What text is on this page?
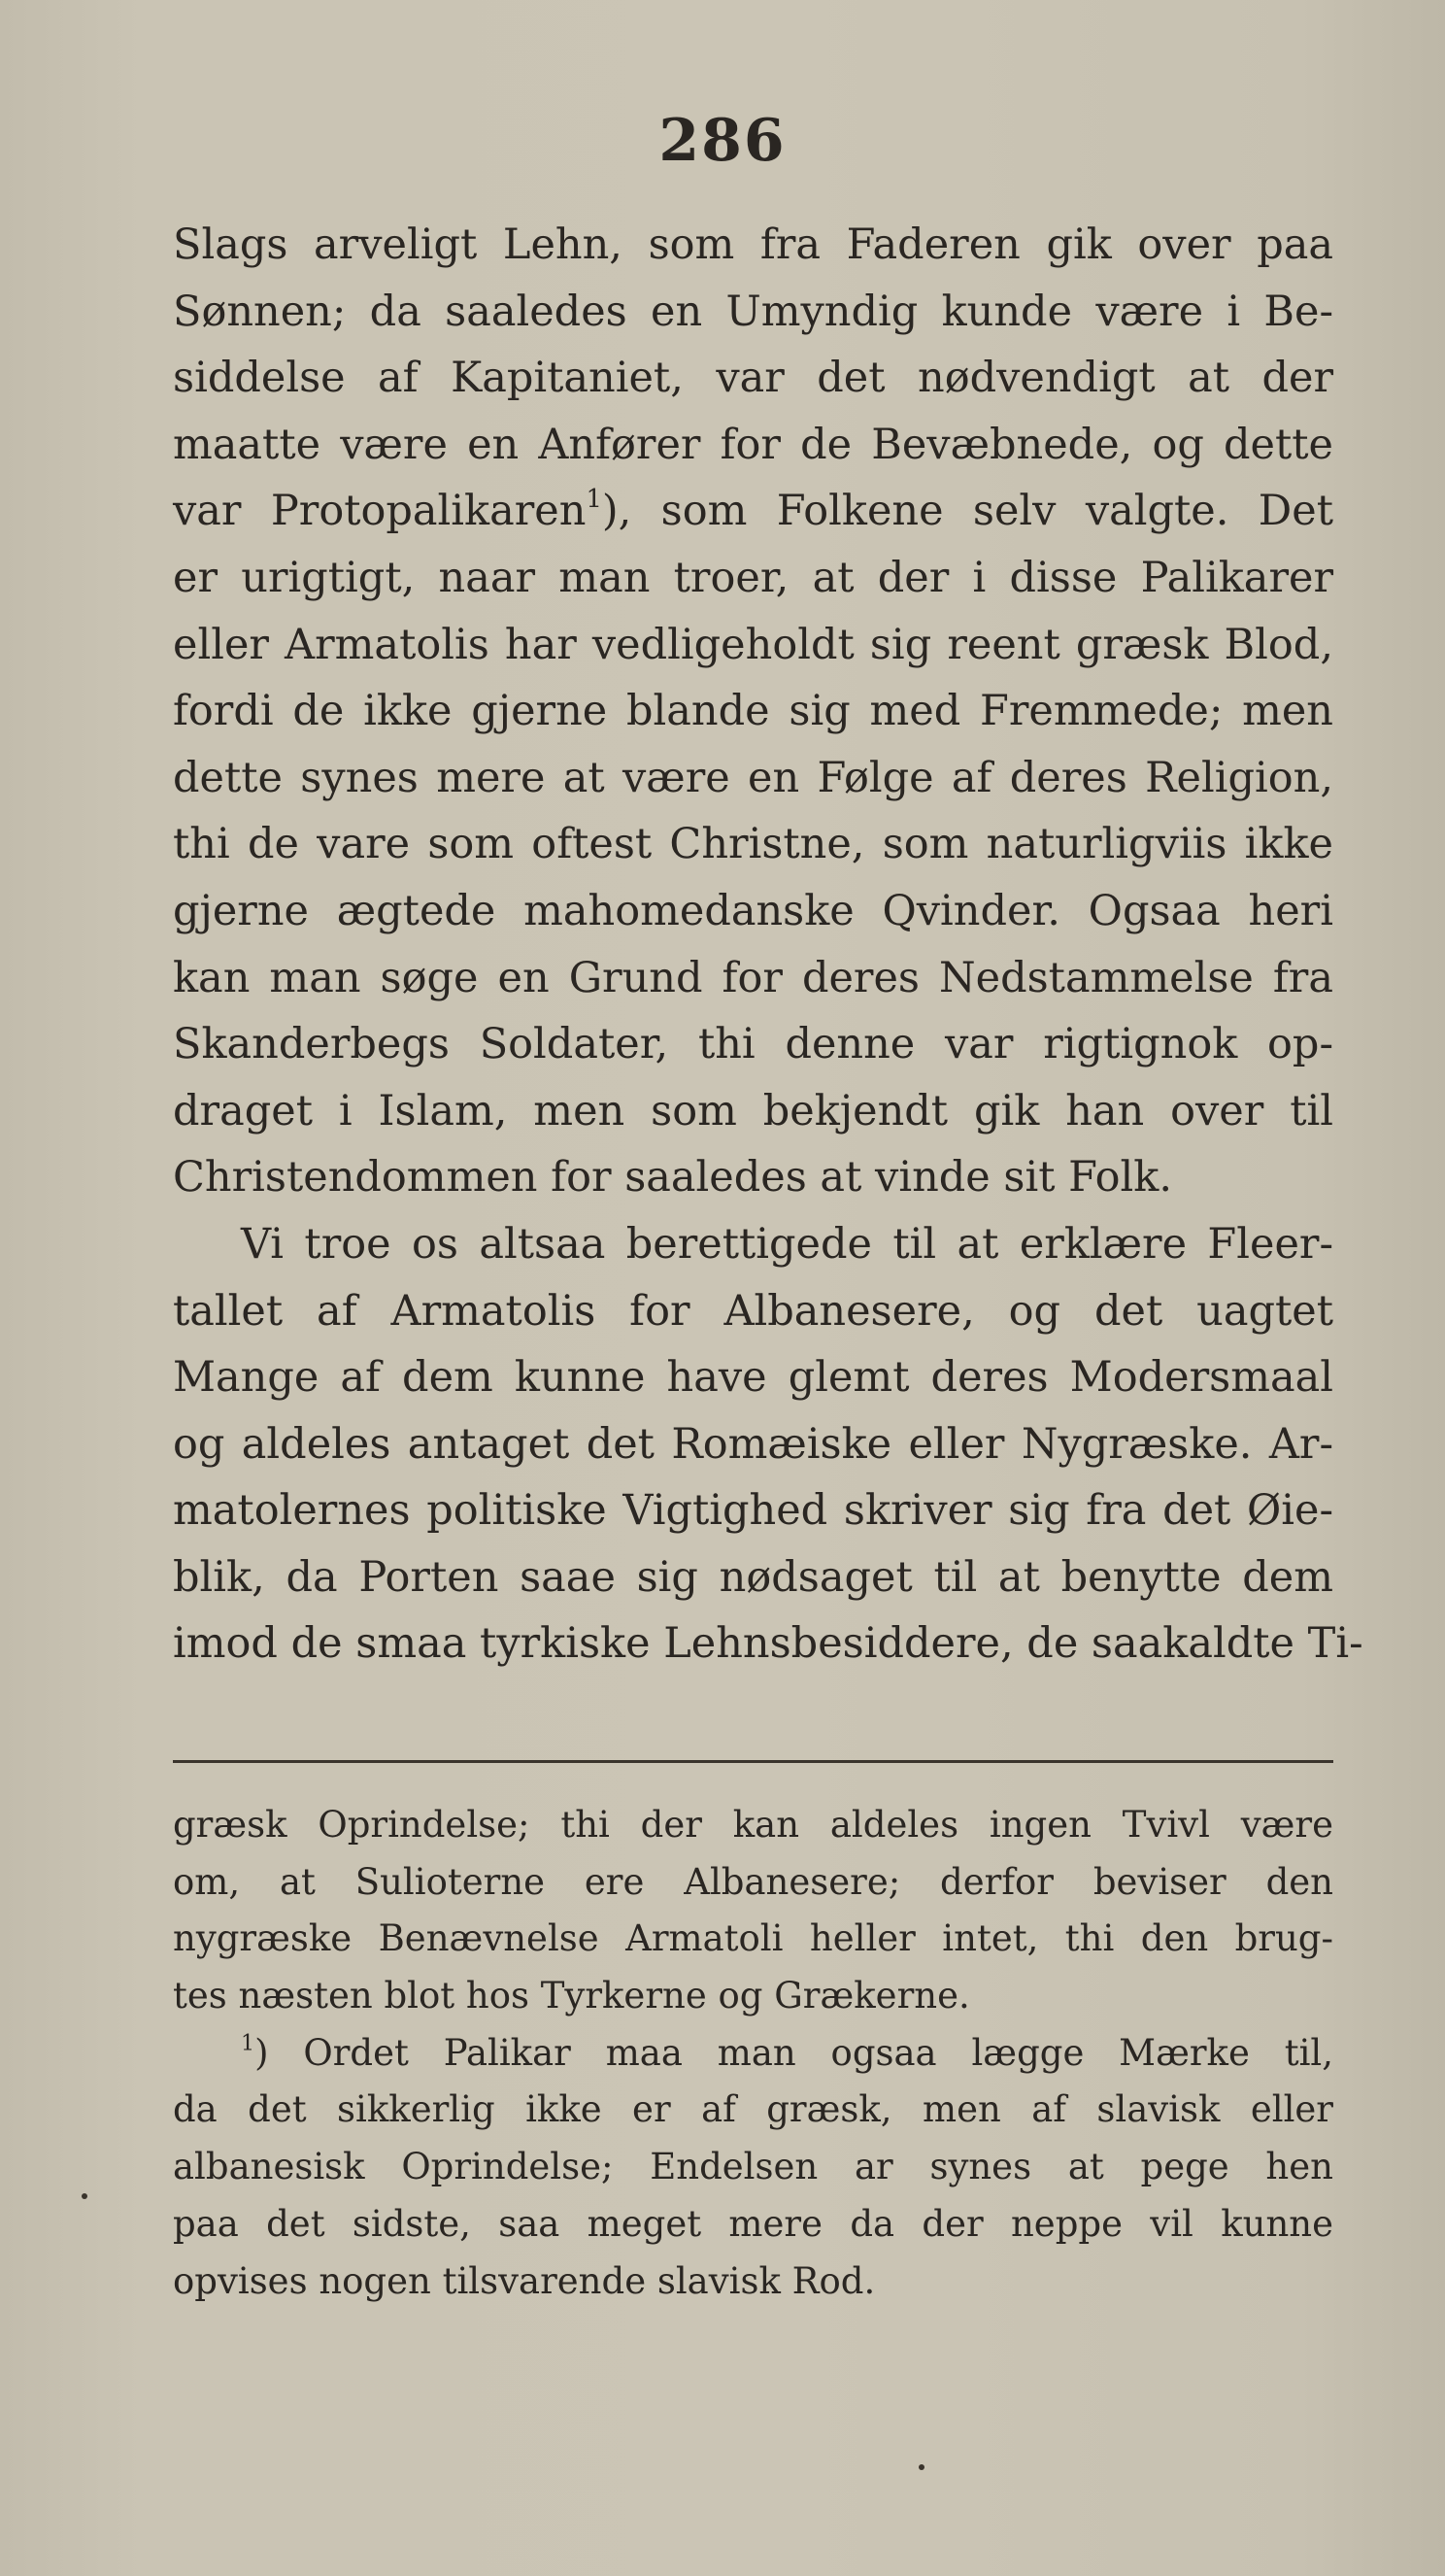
286
Slags arveligt Lehn, som fra Faderen gik over paa
Sønnen; da saaledes en Umyndig kunde være i Be-
siddelse af Kapitaniet, var det nødvendigt at der
maatte være en Anfører for de Bevæbnede, og dette
var Protopalikaren$^1$), som Folkene selv valgte. Det
er urigtigt, naar man troer, at der i disse Palikarer
eller Armatolis har vedligeholdt sig reent græsk Blod,
fordi de ikke gjerne blande sig med Fremmede; men
dette synes mere at være en Følge af deres Religion,
thi de vare som oftest Christne, som naturligviis ikke
gjerne ægtede mahomedanske Qvinder. Ogsaa heri
kan man søge en Grund for deres Nedstammelse fra
Skanderbegs Soldater, thi denne var rigtignok op-
draget i Islam, men som bekjendt gik han over til
Christendommen for saaledes at vinde sit Folk.
Vi troe os altsaa berettigede til at erklære Fleer-
tallet af Armatolis for Albanesere, og det uagtet
Mange af dem kunne have glemt deres Modersmaal
og aldeles antaget det Romæiske eller Nygræske. Ar-
matolernes politiske Vigtighed skriver sig fra det Øie-
blik, da Porten saae sig nødsaget til at benytte dem
imod de smaa tyrkiske Lehnsbesiddere, de saakaldte Ti-
græsk Oprindelse; thi der kan aldeles ingen Tvivl være
om, at Sulioterne ere Albanesere; derfor beviser den
nygræske Benævnelse Armatoli heller intet, thi den brug-
tes næsten blot hos Tyrkerne og Grækerne.
$^1$) Ordet Palikar maa man ogsaa lægge Mærke til,
da det sikkerlig ikke er af græsk, men af slavisk eller
albanesisk Oprindelse; Endelsen ar synes at pege hen
paa det sidste, saa meget mere da der neppe vil kunne
opvises nogen tilsvarende slavisk Rod.
